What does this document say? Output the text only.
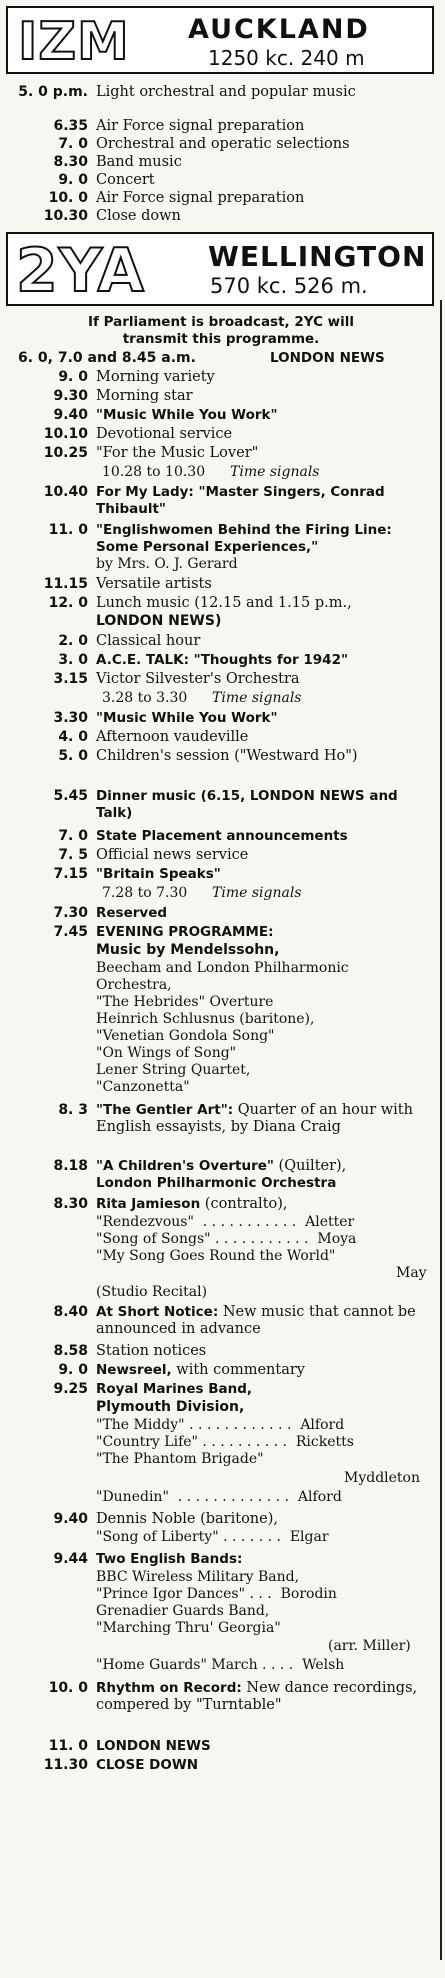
IZM AUCKLAND
1250 kc. 240 m
5. 0 p.m. Light orchestral and popular music
6.35 Air Force signal preparation
7. 0 Orchestral and operatic selections
8.30 Band music
9. 0 Concert
10. 0 Air Force signal preparation
10.30 Close down
2YA WELLINGTON
570 kc. 526 m.
If Parliament is broadcast, 2YC will
transmit this programme.
6. 0, 7.0 and 8.45 a.m.	LONDON NEWS
9. 0 Morning variety
9.30 Morning star
9.40 "Music While You Work"
10.10 Devotional service
10.25 "For the Music Lover"
10.28 to 10.30 Time signals
10.40 For My Lady: "Master Singers, Conrad Thibault"
11. 0 "Englishwomen Behind the Firing Line: Some Personal Experiences,"
by Mrs. O. J. Gerard
11.15 Versatile artists
12. 0 Lunch music (12.15 and 1.15 p.m.,
LONDON NEWS)
2. 0 Classical hour
3. 0 A.C.E. TALK: "Thoughts for 1942"
3.15 Victor Silvester's Orchestra
3.28 to 3.30 Time signals
3.30 "Music While You Work"
4. 0 Afternoon vaudeville
5. 0 Children's session ("Westward Ho")
5.45 Dinner music (6.15, LONDON NEWS and Talk)
7. 0 State Placement announcements
7. 5 Official news service
7.15 "Britain Speaks"
7.28 to 7.30 Time signals
7.30 Reserved
7.45 EVENING PROGRAMME:
Music by Mendelssohn,
Beecham and London Philharmonic
Orchestra,
"The Hebrides" Overture
Heinrich Schlusnus (baritone),
"Venetian Gondola Song"
"On Wings of Song"
Lener String Quartet,
"Canzonetta"
8. 3 "The Gentler Art": Quarter of an hour with English essayists, by Diana Craig
8.18 "A Children's Overture" (Quilter),
London Philharmonic Orchestra
8.30 Rita Jamieson (contralto),
"Rendezvous"  . . . . . . . . . . .  Aletter
"Song of Songs" . . . . . . . . . . .  Moya
"My Song Goes Round the World"
May
(Studio Recital)
8.40 At Short Notice: New music that cannot be announced in advance
8.58 Station notices
9. 0 Newsreel, with commentary
9.25 Royal Marines Band,
Plymouth Division,
"The Middy" . . . . . . . . . . . .  Alford
"Country Life" . . . . . . . . . .  Ricketts
"The Phantom Brigade"
Myddleton
"Dunedin"  . . . . . . . . . . . . .  Alford
9.40 Dennis Noble (baritone),
"Song of Liberty" . . . . . . .  Elgar
9.44 Two English Bands:
BBC Wireless Military Band,
"Prince Igor Dances" . . .  Borodin
Grenadier Guards Band,
"Marching Thru' Georgia"
(arr. Miller)
"Home Guards" March . . . .  Welsh
10. 0 Rhythm on Record: New dance recordings, compered by "Turntable"
11. 0 LONDON NEWS
11.30 CLOSE DOWN
